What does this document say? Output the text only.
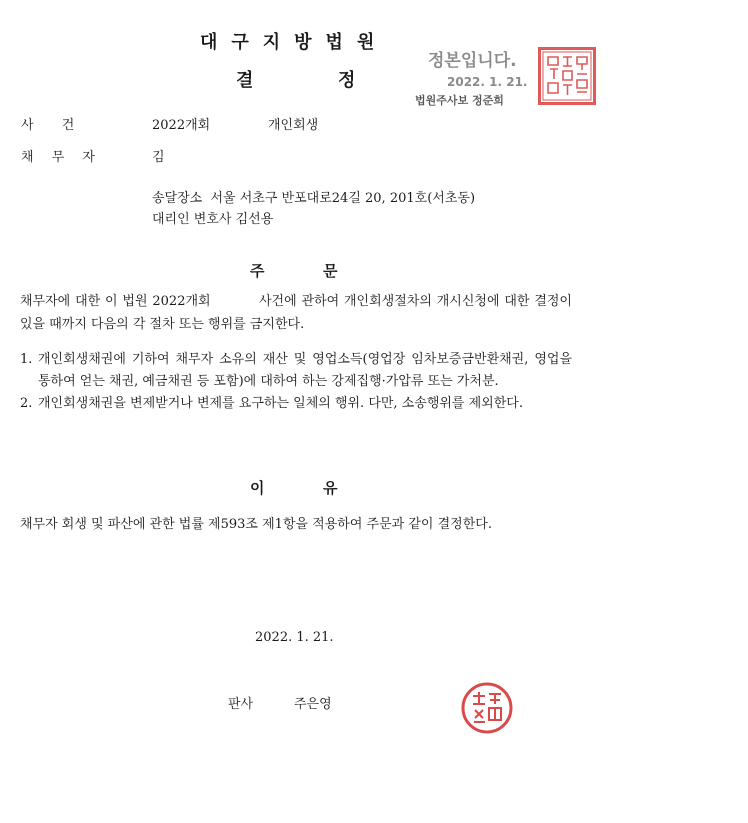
대구지방법원
결	정
정본입니다.
2022. 1. 21.
법원주사보 정준희
사 건	2022개회	개인회생
채 무 자	김
송달장소  서울 서초구 반포대로24길 20, 201호(서초동)
대리인 변호사 김선용
주	문
채무자에 대한 이 법원 2022개회          사건에 관하여 개인회생절차의 개시신청에 대한 결정이 있을 때까지 다음의 각 절차 또는 행위를 금지한다.
1. 개인회생채권에 기하여 채무자 소유의 재산 및 영업소득(영업장 임차보증금반환채권, 영업을 통하여 얻는 채권, 예금채권 등 포함)에 대하여 하는 강제집행·가압류 또는 가처분.
2. 개인회생채권을 변제받거나 변제를 요구하는 일체의 행위. 다만, 소송행위를 제외한다.
이	유
채무자 회생 및 파산에 관한 법률 제593조 제1항을 적용하여 주문과 같이 결정한다.
2022. 1. 21.
판사	주은영
